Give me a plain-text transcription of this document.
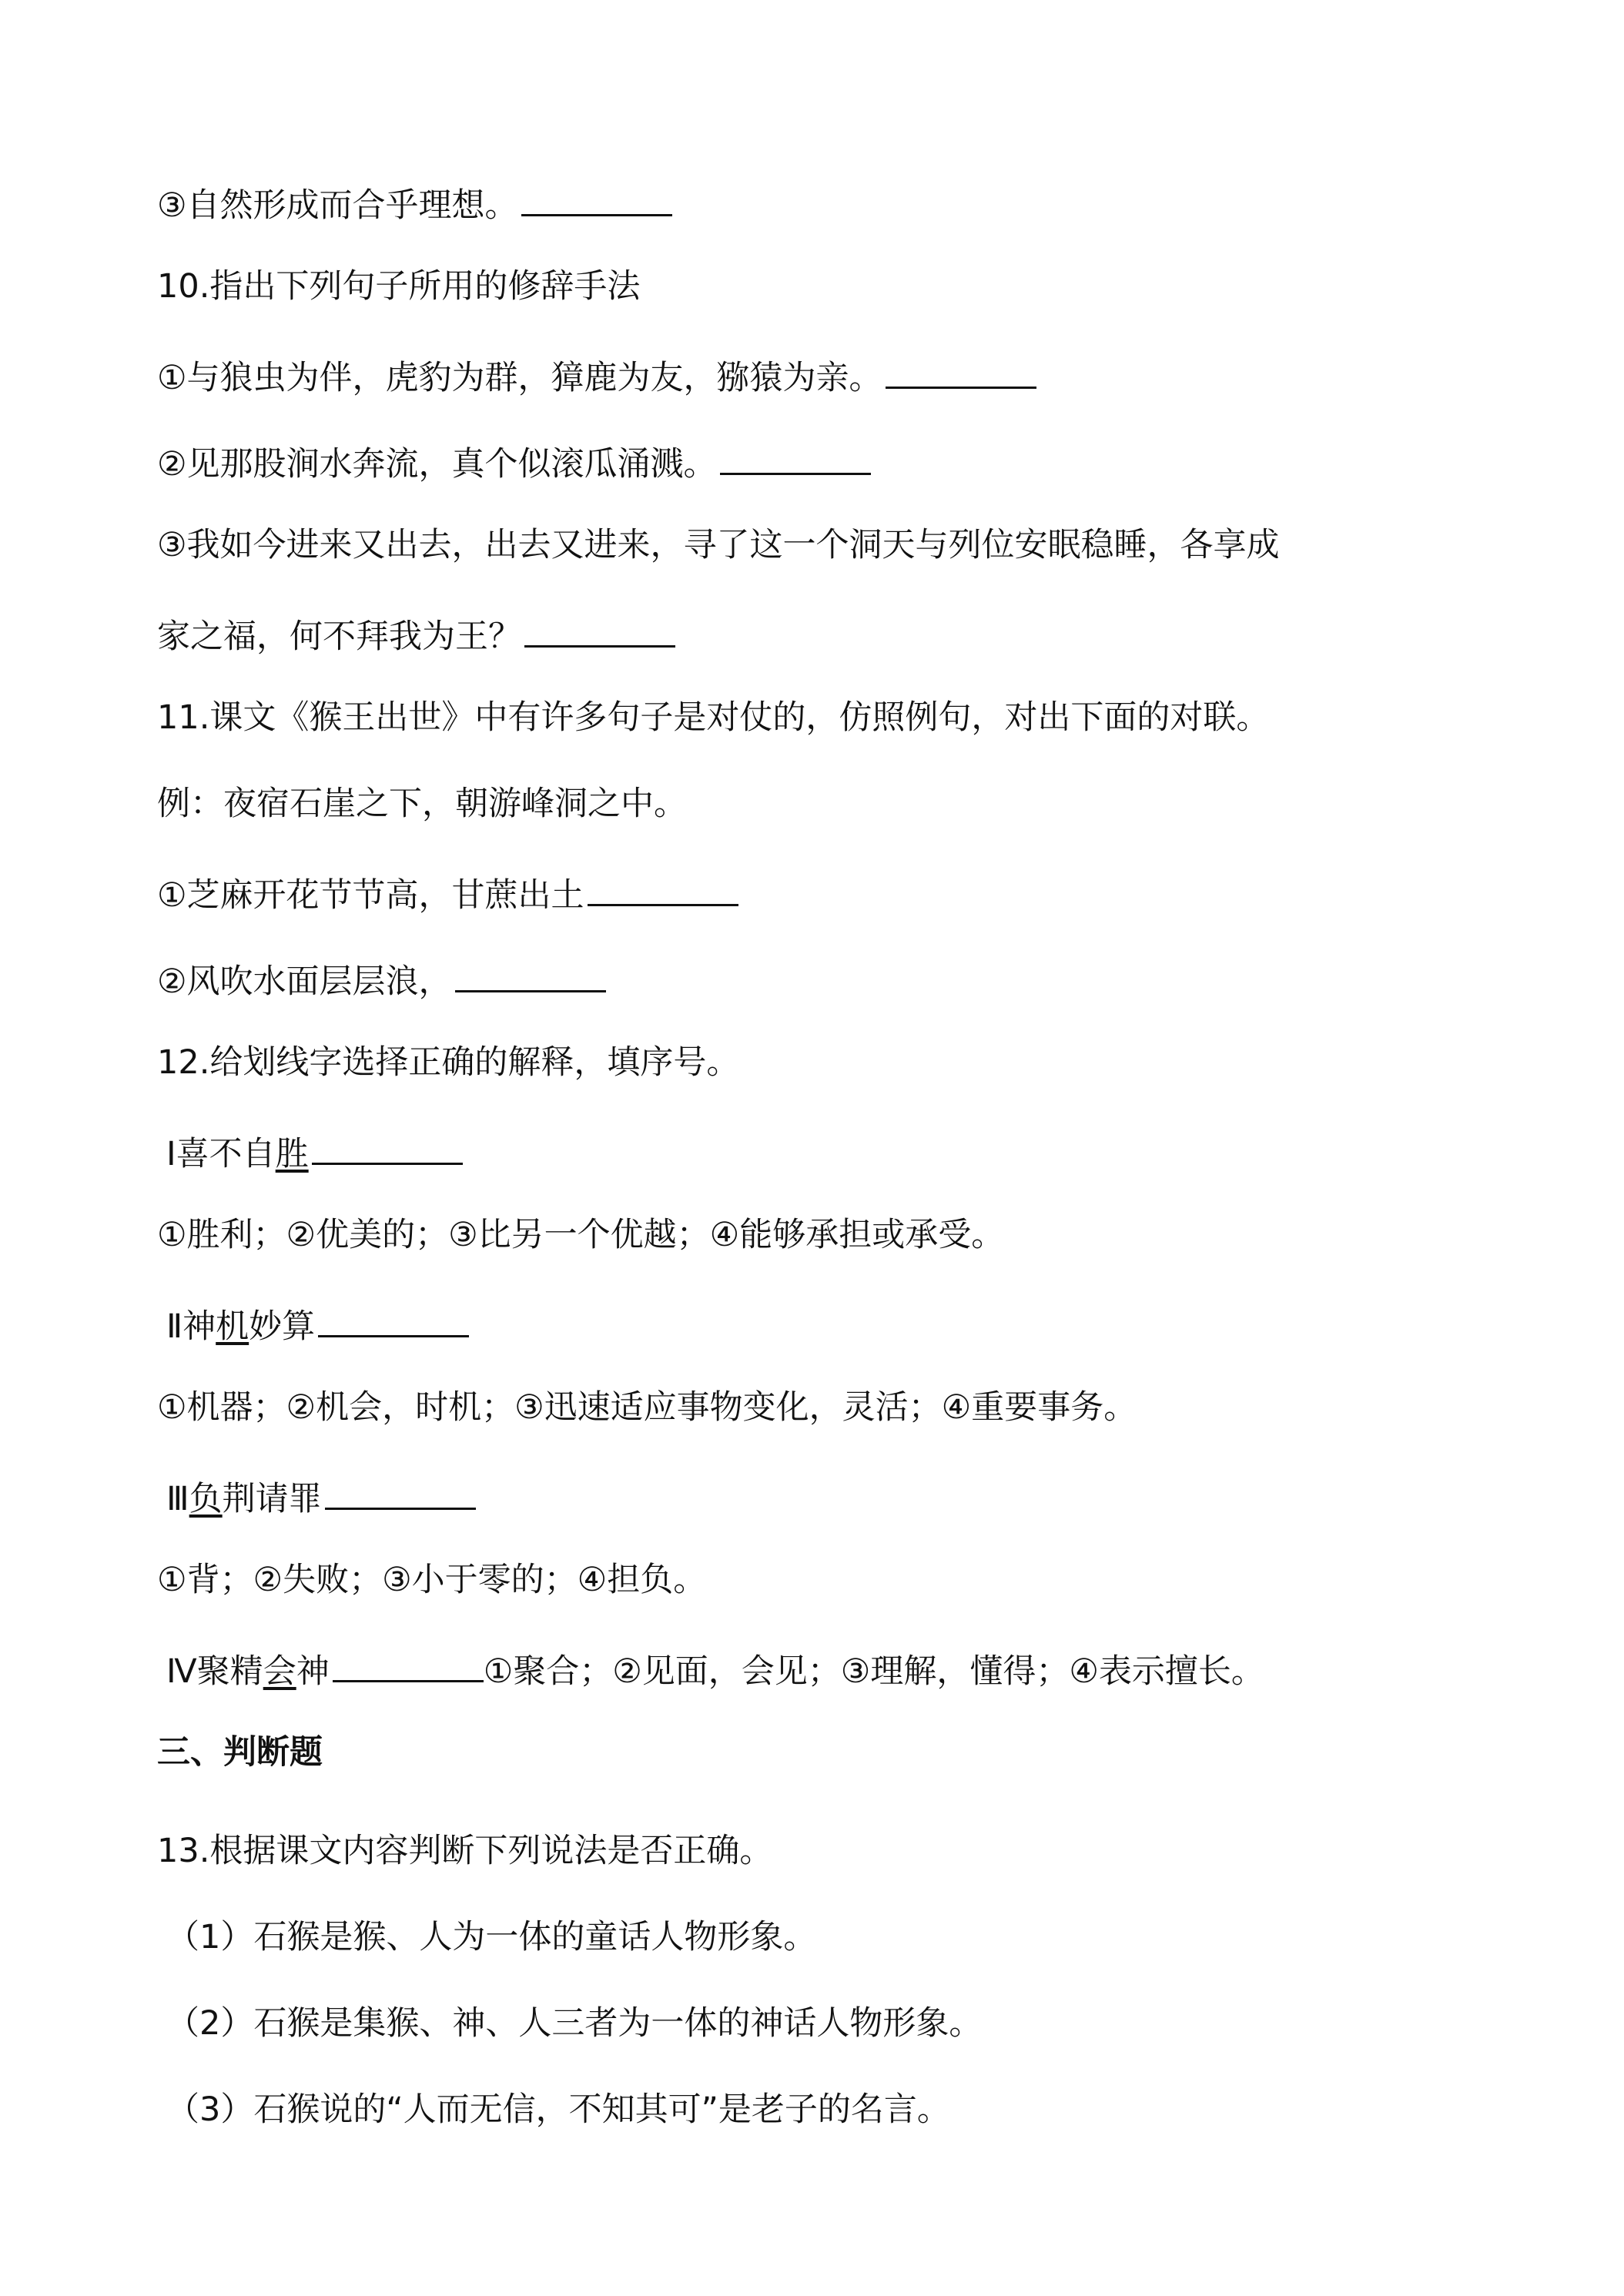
③自然形成而合乎理想。
10.指出下列句子所用的修辞手法
①与狼虫为伴，虎豹为群，獐鹿为友，猕猿为亲。
②见那股涧水奔流，真个似滚瓜涌溅。
③我如今进来又出去，出去又进来，寻了这一个洞天与列位安眠稳睡，各享成
家之福，何不拜我为王？
11.课文《猴王出世》中有许多句子是对仗的，仿照例句，对出下面的对联。
例：夜宿石崖之下，朝游峰洞之中。
①芝麻开花节节高，甘蔗出土
②风吹水面层层浪，
12.给划线字选择正确的解释，填序号。
Ⅰ喜不自胜
①胜利；②优美的；③比另一个优越；④能够承担或承受。
Ⅱ神机妙算
①机器；②机会，时机；③迅速适应事物变化，灵活；④重要事务。
Ⅲ负荆请罪
①背；②失败；③小于零的；④担负。
Ⅳ聚精会神	①聚合；②见面，会见；③理解，懂得；④表示擅长。
三、判断题
13.根据课文内容判断下列说法是否正确。
（1）石猴是猴、人为一体的童话人物形象。
（2）石猴是集猴、神、人三者为一体的神话人物形象。
（3）石猴说的“人而无信，不知其可”是老子的名言。
